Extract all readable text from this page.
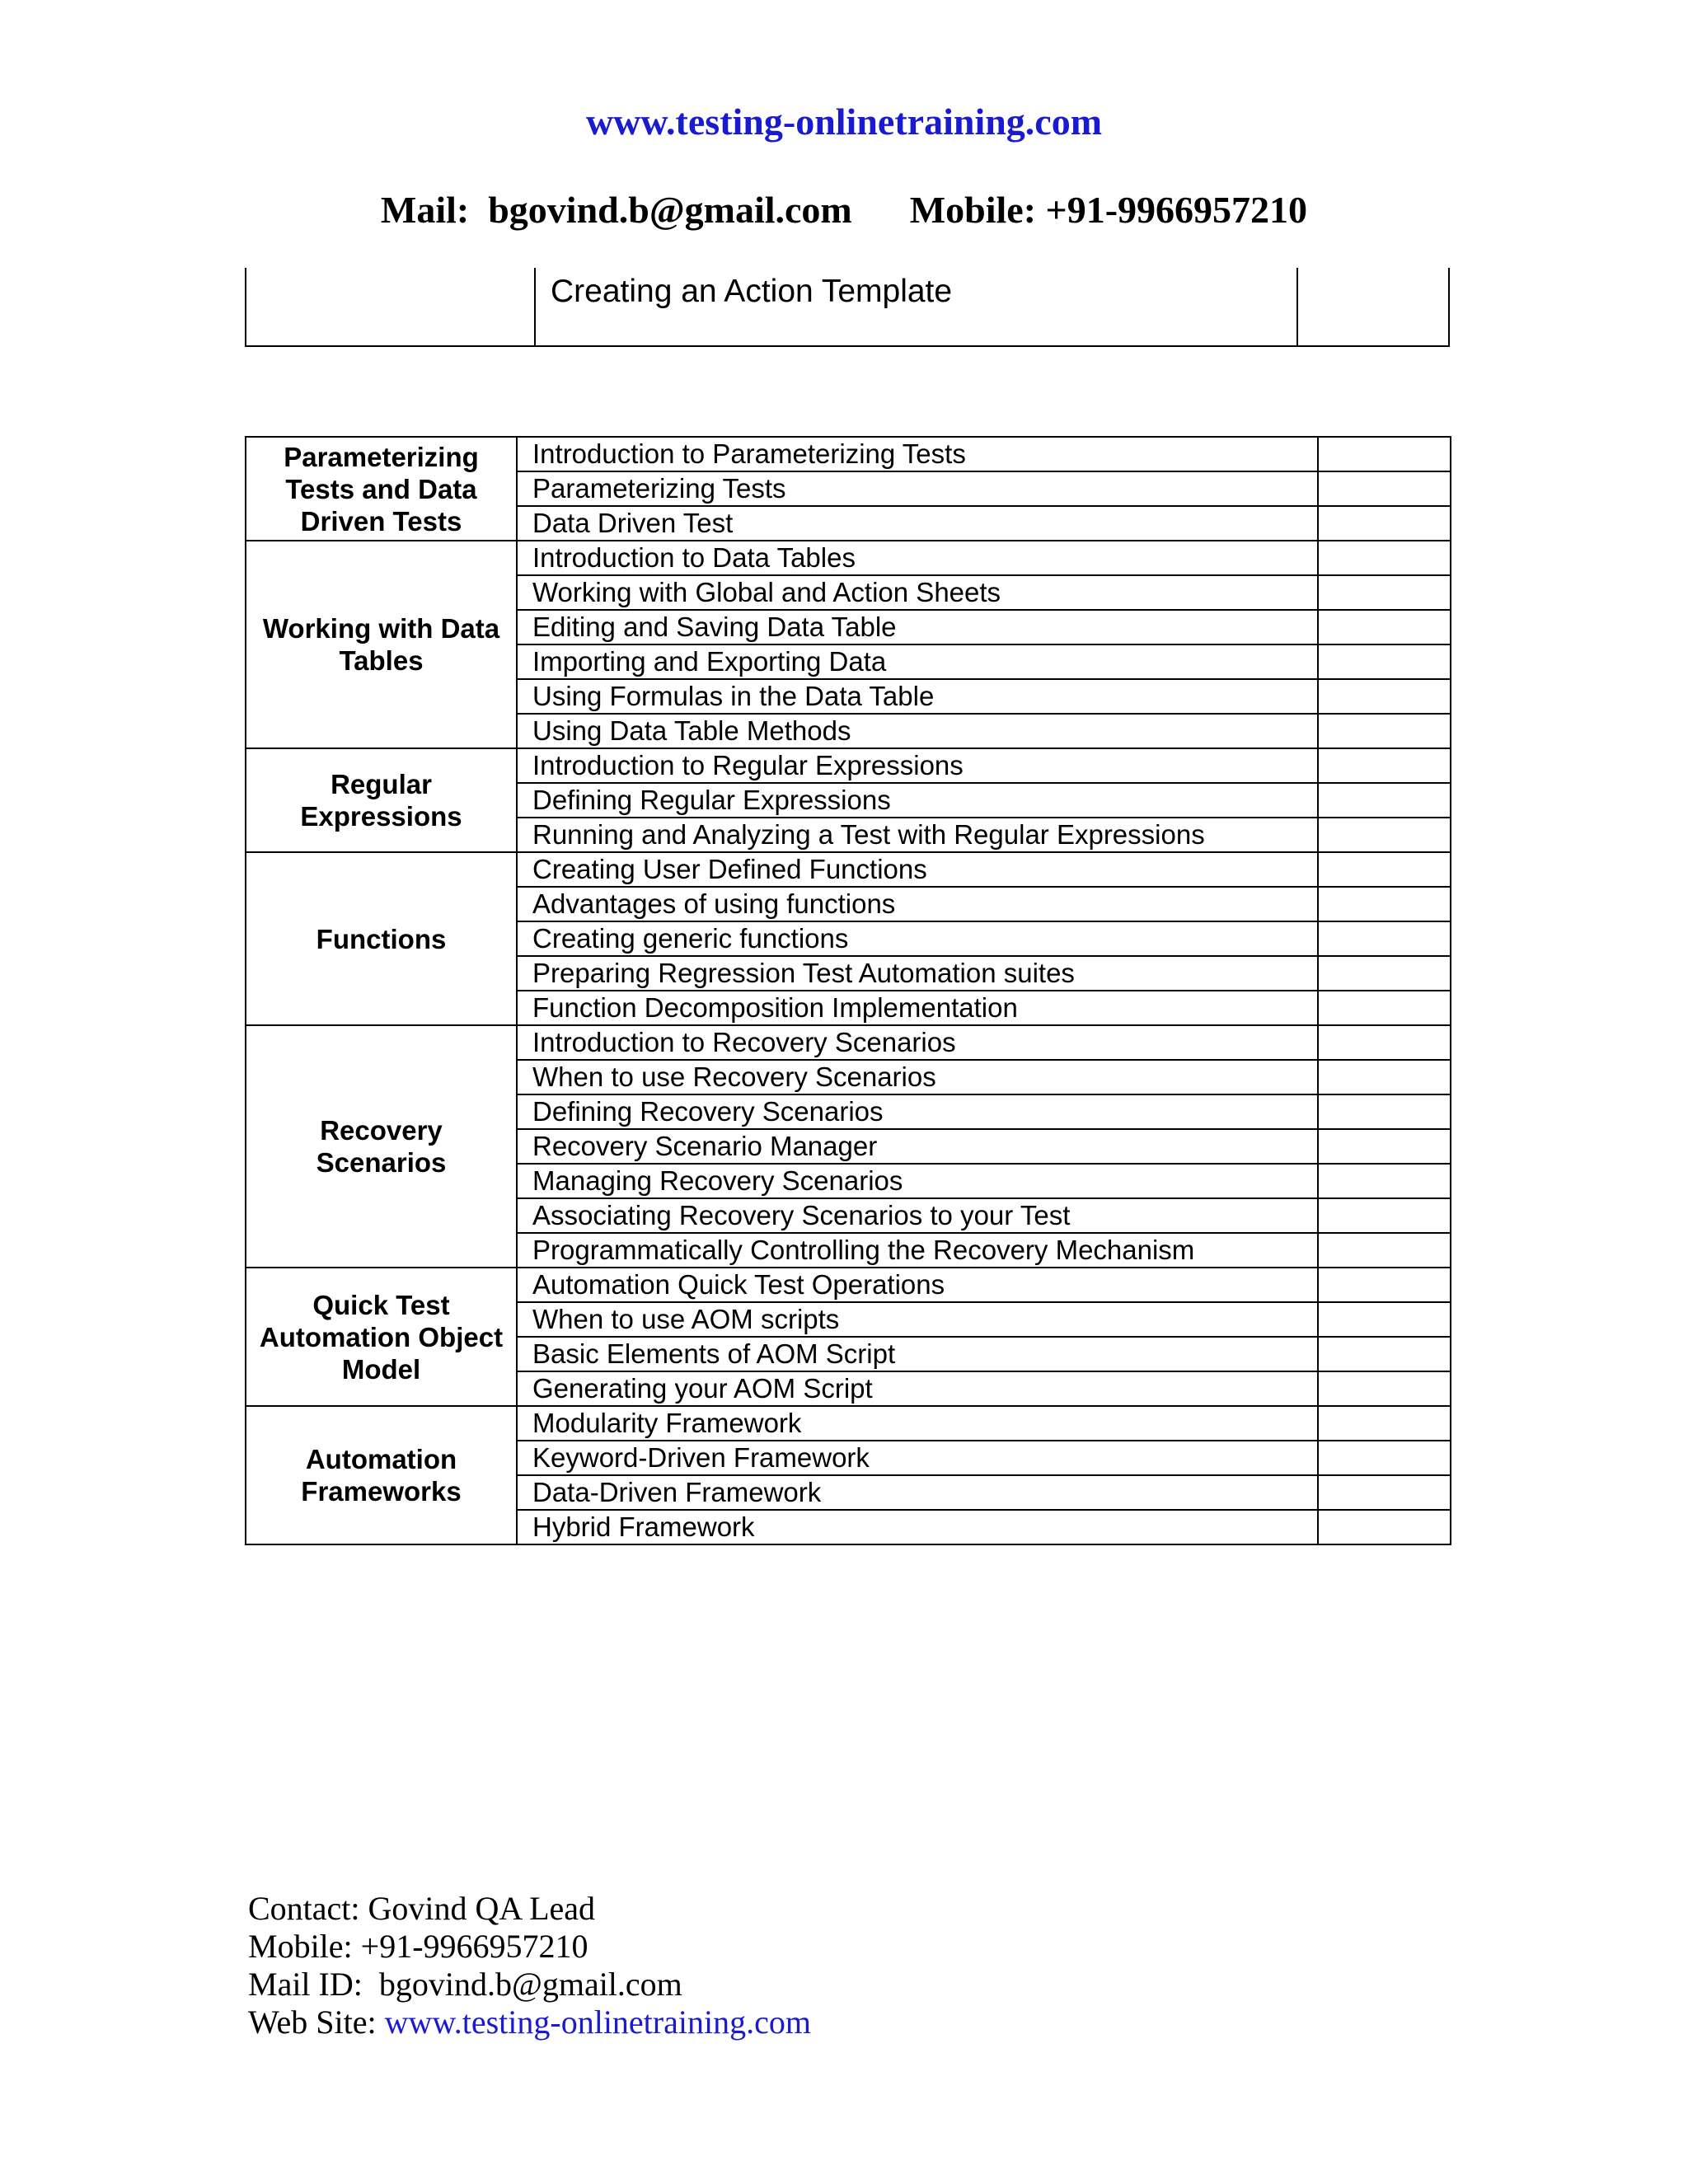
www.testing-onlinetraining.com
Mail: bgovind.b@gmail.com Mobile: +91-9966957210
	Creating an Action Template	
Parameterizing Tests and Data Driven Tests	Introduction to Parameterizing Tests	
	Parameterizing Tests	
	Data Driven Test	

Working with Data Tables	Introduction to Data Tables	
	Working with Global and Action Sheets	
	Editing and Saving Data Table	
	Importing and Exporting Data	
	Using Formulas in the Data Table	
	Using Data Table Methods	

Regular Expressions	Introduction to Regular Expressions	
	Defining Regular Expressions	
	Running and Analyzing a Test with Regular Expressions	

Functions	Creating User Defined Functions	
	Advantages of using functions	
	Creating generic functions	
	Preparing Regression Test Automation suites	
	Function Decomposition Implementation	

Recovery Scenarios	Introduction to Recovery Scenarios	
	When to use Recovery Scenarios	
	Defining Recovery Scenarios	
	Recovery Scenario Manager	
	Managing Recovery Scenarios	
	Associating Recovery Scenarios to your Test	
	Programmatically Controlling the Recovery Mechanism	

Quick Test Automation Object Model	Automation Quick Test Operations	
	When to use AOM scripts	
	Basic Elements of AOM Script	
	Generating your AOM Script	

Automation Frameworks	Modularity Framework	
	Keyword-Driven Framework	
	Data-Driven Framework	
	Hybrid Framework	
Contact: Govind QA Lead
Mobile: +91-9966957210
Mail ID: bgovind.b@gmail.com
Web Site: www.testing-onlinetraining.com
